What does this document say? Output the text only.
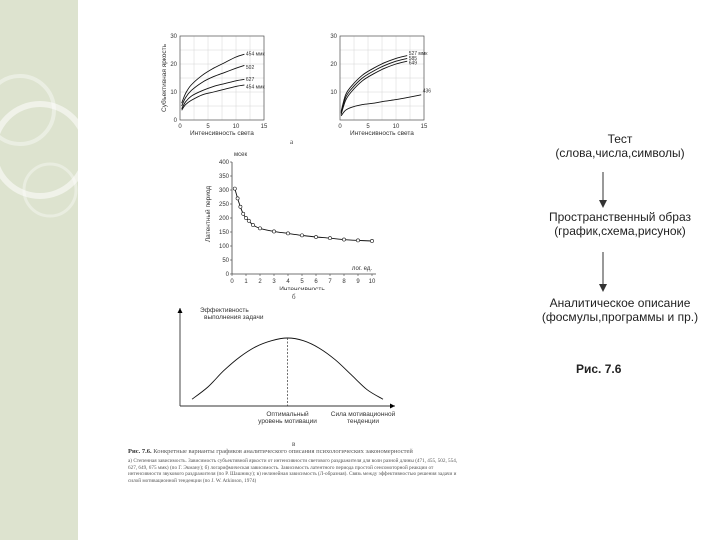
0	5	10	15
0
10
20
30
Интенсивность света
Субъективная яркость	454 ммк
502
627
454 ммк
0	5	10	15
10
20
30
Интенсивность света
527 ммк
585
649
436
а
0 1 2 3 4 5 6 7 8 9 10
0
50
100
150
200
250
300
350
400
мсек
лог. ед.
Интенсивность
Латентный период
б
Эффективность выполнения задачи
Оптимальный уровень мотивации
Сила мотивационной тенденции
в

Рис. 7.6. Конкретные варианты графиков аналитического описания психологических закономерностей

а) Степенная зависимость. Зависимость субъективной яркости от интенсивности светового раздражителя для волн разной длины (471, 455, 502, 554, 627, 649, 675 ммк) (по Г. Экману); б) логарифмическая зависимость. Зависимость латентного периода простой сенсомоторной реакции от интенсивности звукового раздражителя (по Р. Шашнику); в) нелинейная зависимость (Л-образная). Связь между эффективностью решения задачи и силой мотивационной тенденции (по J. W. Atkinson, 1974)

Тест
(слова,числа,символы)
Пространственный образ
(график,схема,рисунок)
Аналитическое описание
(фосмулы,программы и пр.)
Рис. 7.6
